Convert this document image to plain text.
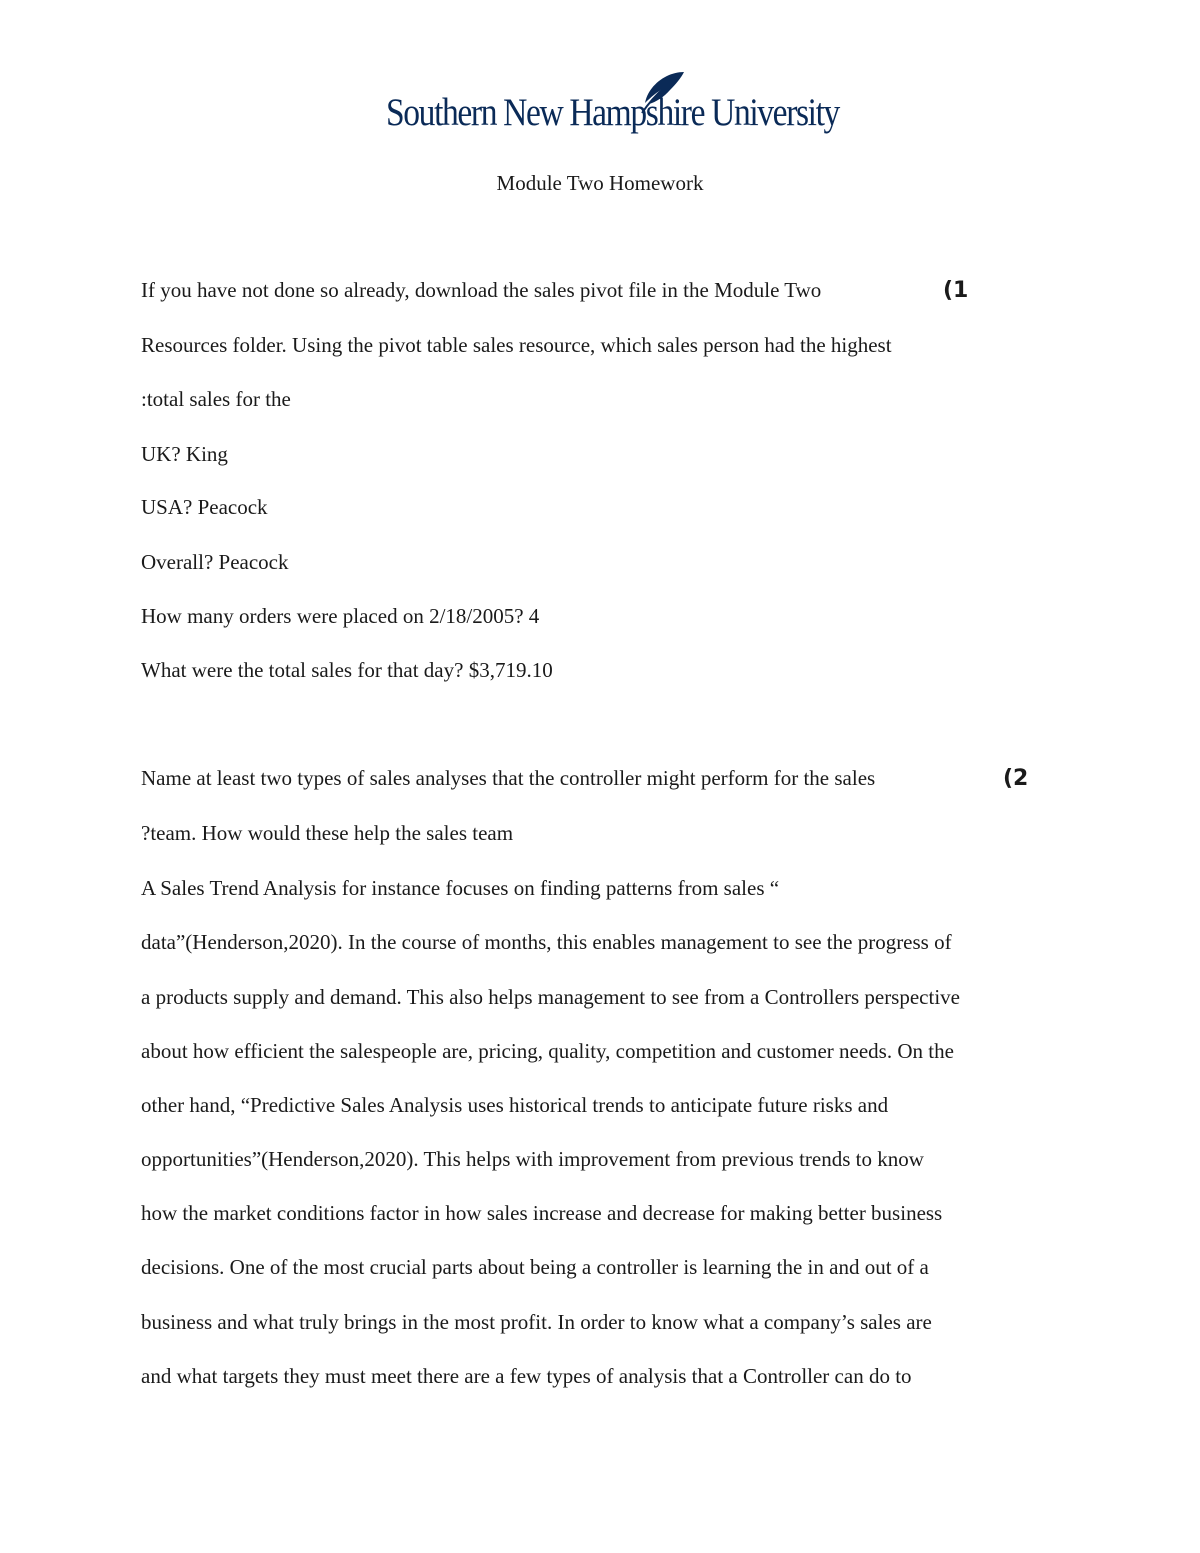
Southern New Hampshire University
Module Two Homework
(1
If you have not done so already, download the sales pivot file in the Module Two
Resources folder. Using the pivot table sales resource, which sales person had the highest
:total sales for the
UK? King
USA? Peacock
Overall? Peacock
How many orders were placed on 2/18/2005? 4
What were the total sales for that day? $3,719.10
(2
Name at least two types of sales analyses that the controller might perform for the sales
?team. How would these help the sales team
A Sales Trend Analysis for instance focuses on finding patterns from sales “
data”(Henderson,2020). In the course of months, this enables management to see the progress of
a products supply and demand. This also helps management to see from a Controllers perspective
about how efficient the salespeople are, pricing, quality, competition and customer needs. On the
other hand, “Predictive Sales Analysis uses historical trends to anticipate future risks and
opportunities”(Henderson,2020). This helps with improvement from previous trends to know
how the market conditions factor in how sales increase and decrease for making better business
decisions. One of the most crucial parts about being a controller is learning the in and out of a
business and what truly brings in the most profit. In order to know what a company’s sales are
and what targets they must meet there are a few types of analysis that a Controller can do to
